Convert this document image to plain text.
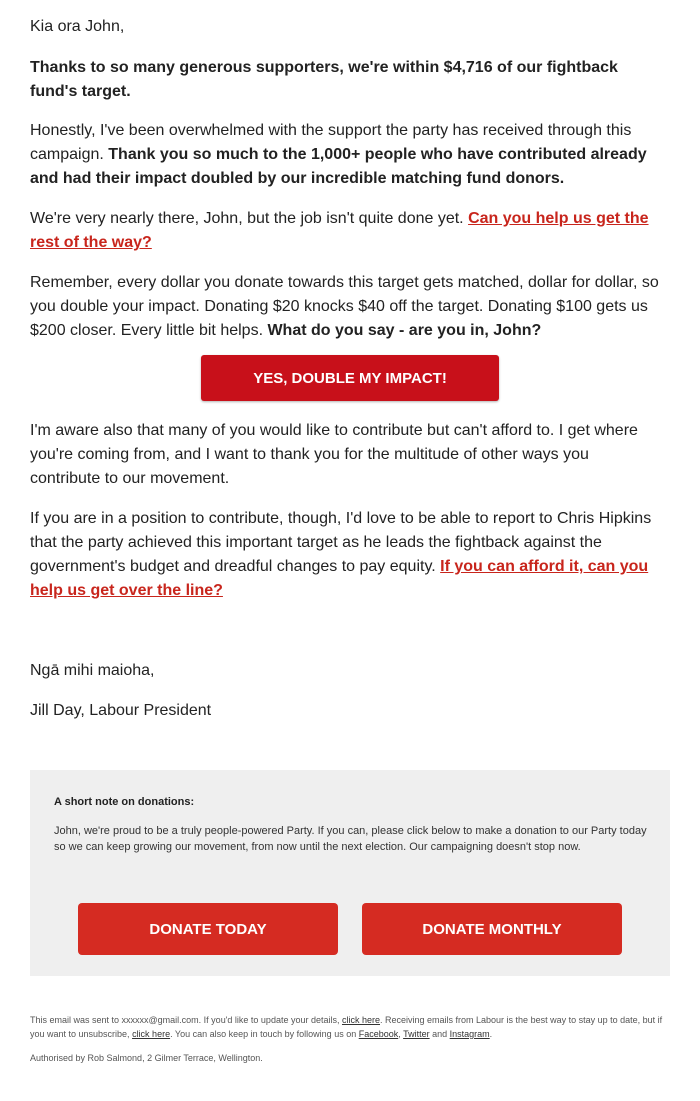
Kia ora John,

Thanks to so many generous supporters, we're within $4,716 of our fightback fund's target.

Honestly, I've been overwhelmed with the support the party has received through this campaign. Thank you so much to the 1,000+ people who have contributed already and had their impact doubled by our incredible matching fund donors.

We're very nearly there, John, but the job isn't quite done yet. Can you help us get the rest of the way?

Remember, every dollar you donate towards this target gets matched, dollar for dollar, so you double your impact. Donating $20 knocks $40 off the target. Donating $100 gets us $200 closer. Every little bit helps. What do you say - are you in, John?

I'm aware also that many of you would like to contribute but can't afford to. I get where you're coming from, and I want to thank you for the multitude of other ways you contribute to our movement.

If you are in a position to contribute, though, I'd love to be able to report to Chris Hipkins that the party achieved this important target as he leads the fightback against the government's budget and dreadful changes to pay equity. If you can afford it, can you help us get over the line?

Ngā mihi maioha,

Jill Day, Labour President

YES, DOUBLE MY IMPACT!
A short note on donations:
John, we're proud to be a truly people-powered Party. If you can, please click below to make a donation to our Party today so we can keep growing our movement, from now until the next election. Our campaigning doesn't stop now.
DONATE TODAY	DONATE MONTHLY
This email was sent to xxxxxx@gmail.com. If you'd like to update your details, click here. Receiving emails from Labour is the best way to stay up to date, but if you want to unsubscribe, click here. You can also keep in touch by following us on Facebook, Twitter and Instagram.
Authorised by Rob Salmond, 2 Gilmer Terrace, Wellington.
